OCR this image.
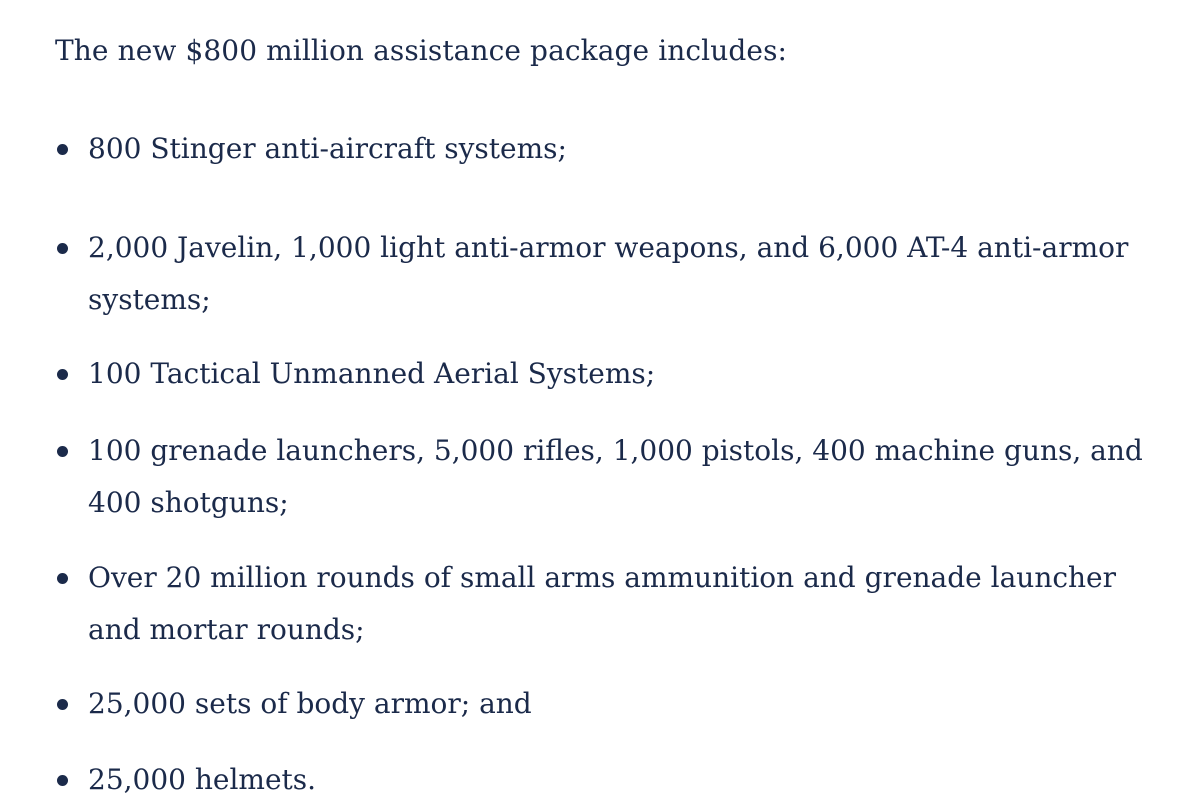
The new $800 million assistance package includes:

800 Stinger anti-aircraft systems;
2,000 Javelin, 1,000 light anti-armor weapons, and 6,000 AT-4 anti-armor systems;
100 Tactical Unmanned Aerial Systems;
100 grenade launchers, 5,000 rifles, 1,000 pistols, 400 machine guns, and 400 shotguns;
Over 20 million rounds of small arms ammunition and grenade launcher and mortar rounds;
25,000 sets of body armor; and
25,000 helmets.
